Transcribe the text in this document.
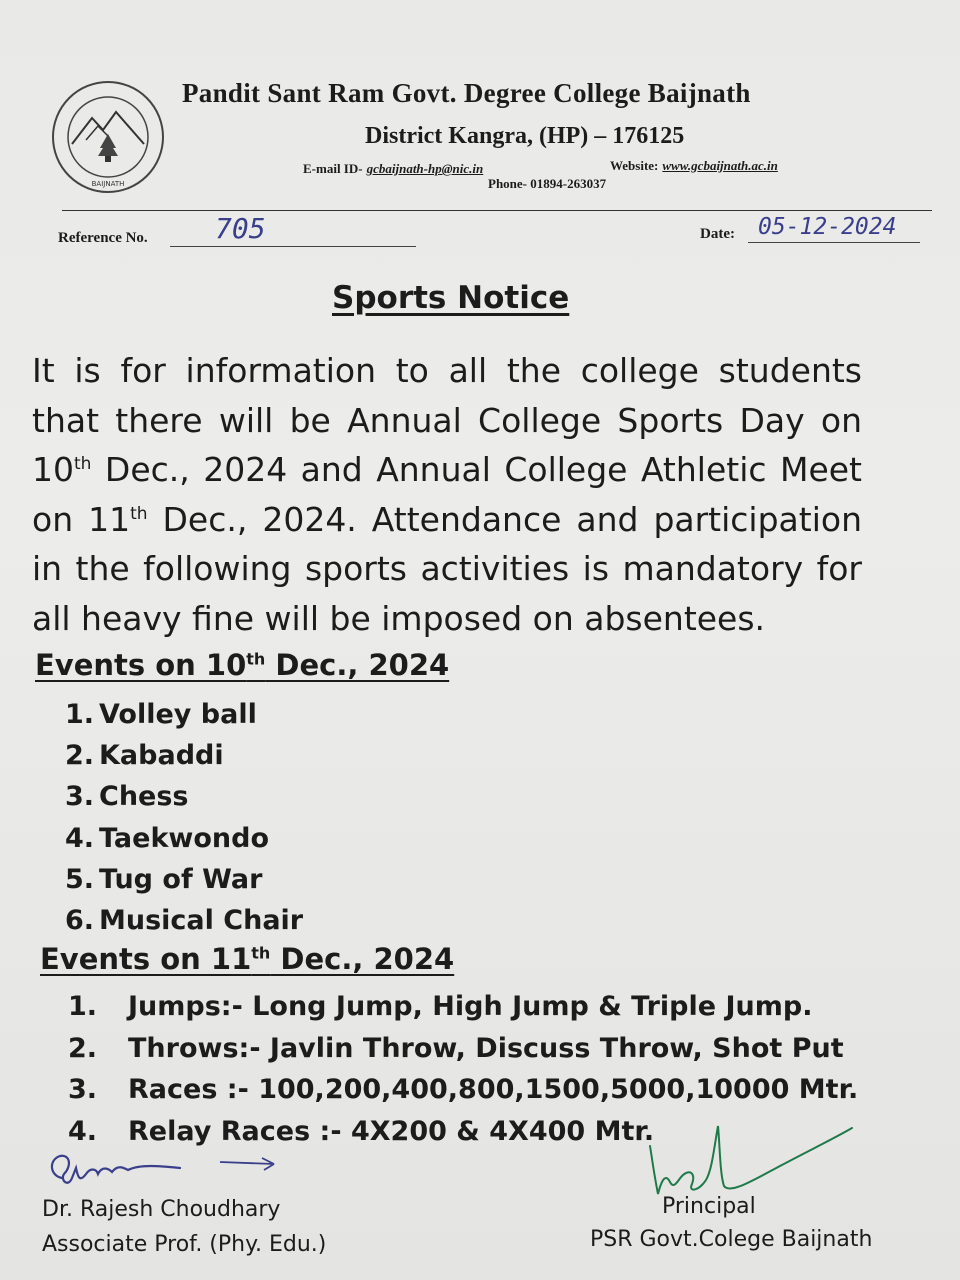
BAIJNATH
Pandit Sant Ram Govt. Degree College Baijnath
District Kangra, (HP) – 176125
E-mail ID- gcbaijnath-hp@nic.in	Website: www.gcbaijnath.ac.in
Phone- 01894-263037
Reference No. 705	Date: 05-12-2024
Sports Notice
It is for information to all the college students that there will be Annual College Sports Day on 10th Dec., 2024 and Annual College Athletic Meet on 11th Dec., 2024. Attendance and participation in the following sports activities is mandatory for all heavy fine will be imposed on absentees.
Events on 10th Dec., 2024
1. Volley ball
2. Kabaddi
3. Chess
4. Taekwondo
5. Tug of War
6. Musical Chair
Events on 11th Dec., 2024
1. Jumps:- Long Jump, High Jump & Triple Jump.
2. Throws:- Javlin Throw, Discuss Throw, Shot Put
3. Races :- 100,200,400,800,1500,5000,10000 Mtr.
4. Relay Races :- 4X200 & 4X400 Mtr.
Dr. Rajesh Choudhary
Associate Prof. (Phy. Edu.)
Principal
PSR Govt.Colege Baijnath
